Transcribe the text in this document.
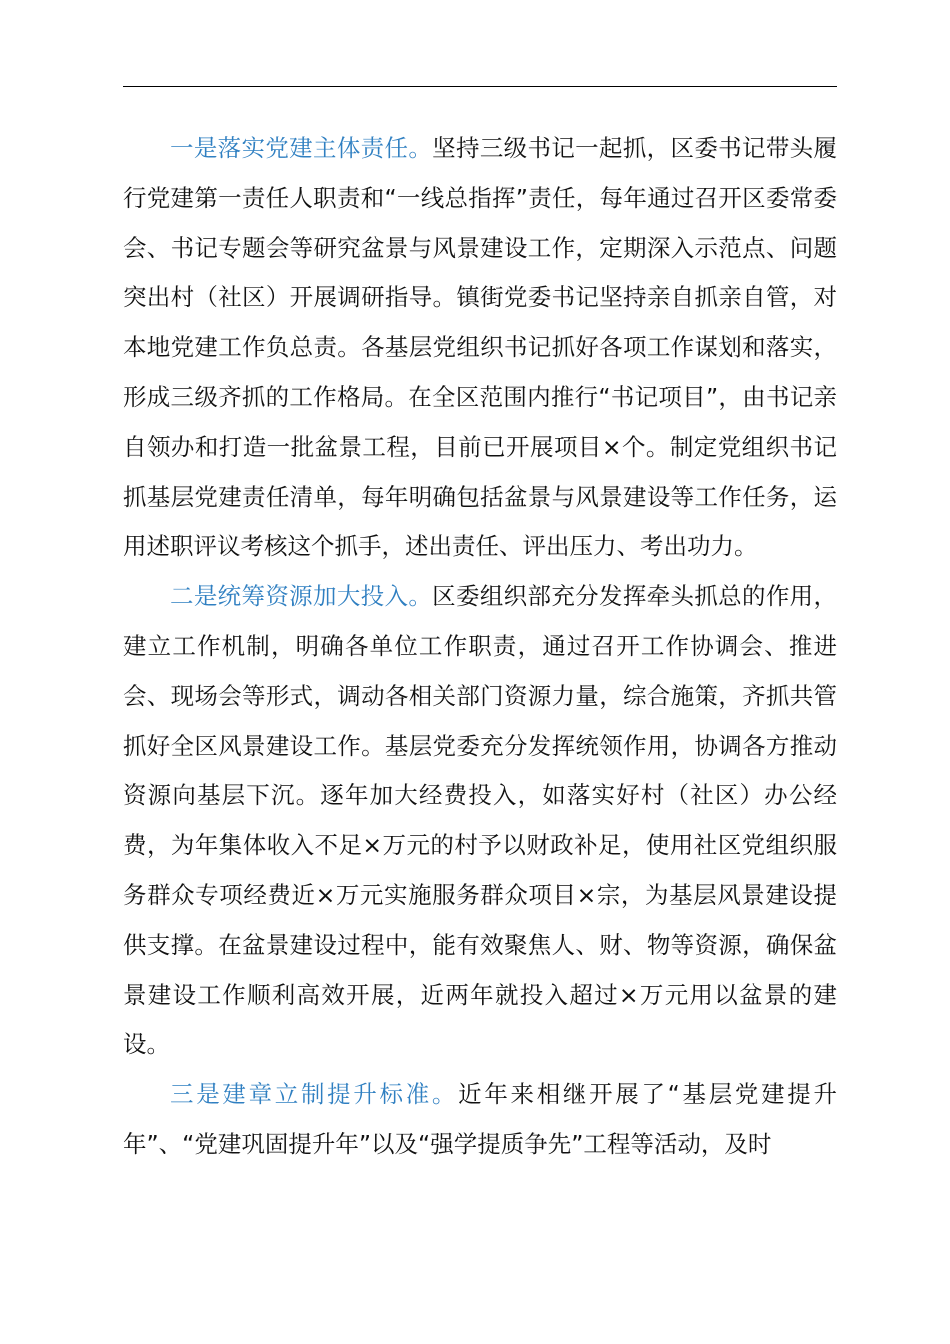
一是落实党建主体责任。坚持三级书记一起抓，区委书记带头履行党建第一责任人职责和“一线总指挥”责任，每年通过召开区委常委会、书记专题会等研究盆景与风景建设工作，定期深入示范点、问题突出村（社区）开展调研指导。镇街党委书记坚持亲自抓亲自管，对本地党建工作负总责。各基层党组织书记抓好各项工作谋划和落实，形成三级齐抓的工作格局。在全区范围内推行“书记项目”，由书记亲自领办和打造一批盆景工程，目前已开展项目×个。制定党组织书记抓基层党建责任清单，每年明确包括盆景与风景建设等工作任务，运用述职评议考核这个抓手，述出责任、评出压力、考出功力。

二是统筹资源加大投入。区委组织部充分发挥牵头抓总的作用，建立工作机制，明确各单位工作职责，通过召开工作协调会、推进会、现场会等形式，调动各相关部门资源力量，综合施策，齐抓共管抓好全区风景建设工作。基层党委充分发挥统领作用，协调各方推动资源向基层下沉。逐年加大经费投入，如落实好村（社区）办公经费，为年集体收入不足×万元的村予以财政补足，使用社区党组织服务群众专项经费近×万元实施服务群众项目×宗，为基层风景建设提供支撑。在盆景建设过程中，能有效聚焦人、财、物等资源，确保盆景建设工作顺利高效开展，近两年就投入超过×万元用以盆景的建设。

三是建章立制提升标准。近年来相继开展了“基层党建提升年”、“党建巩固提升年”以及“强学提质争先”工程等活动，及时
